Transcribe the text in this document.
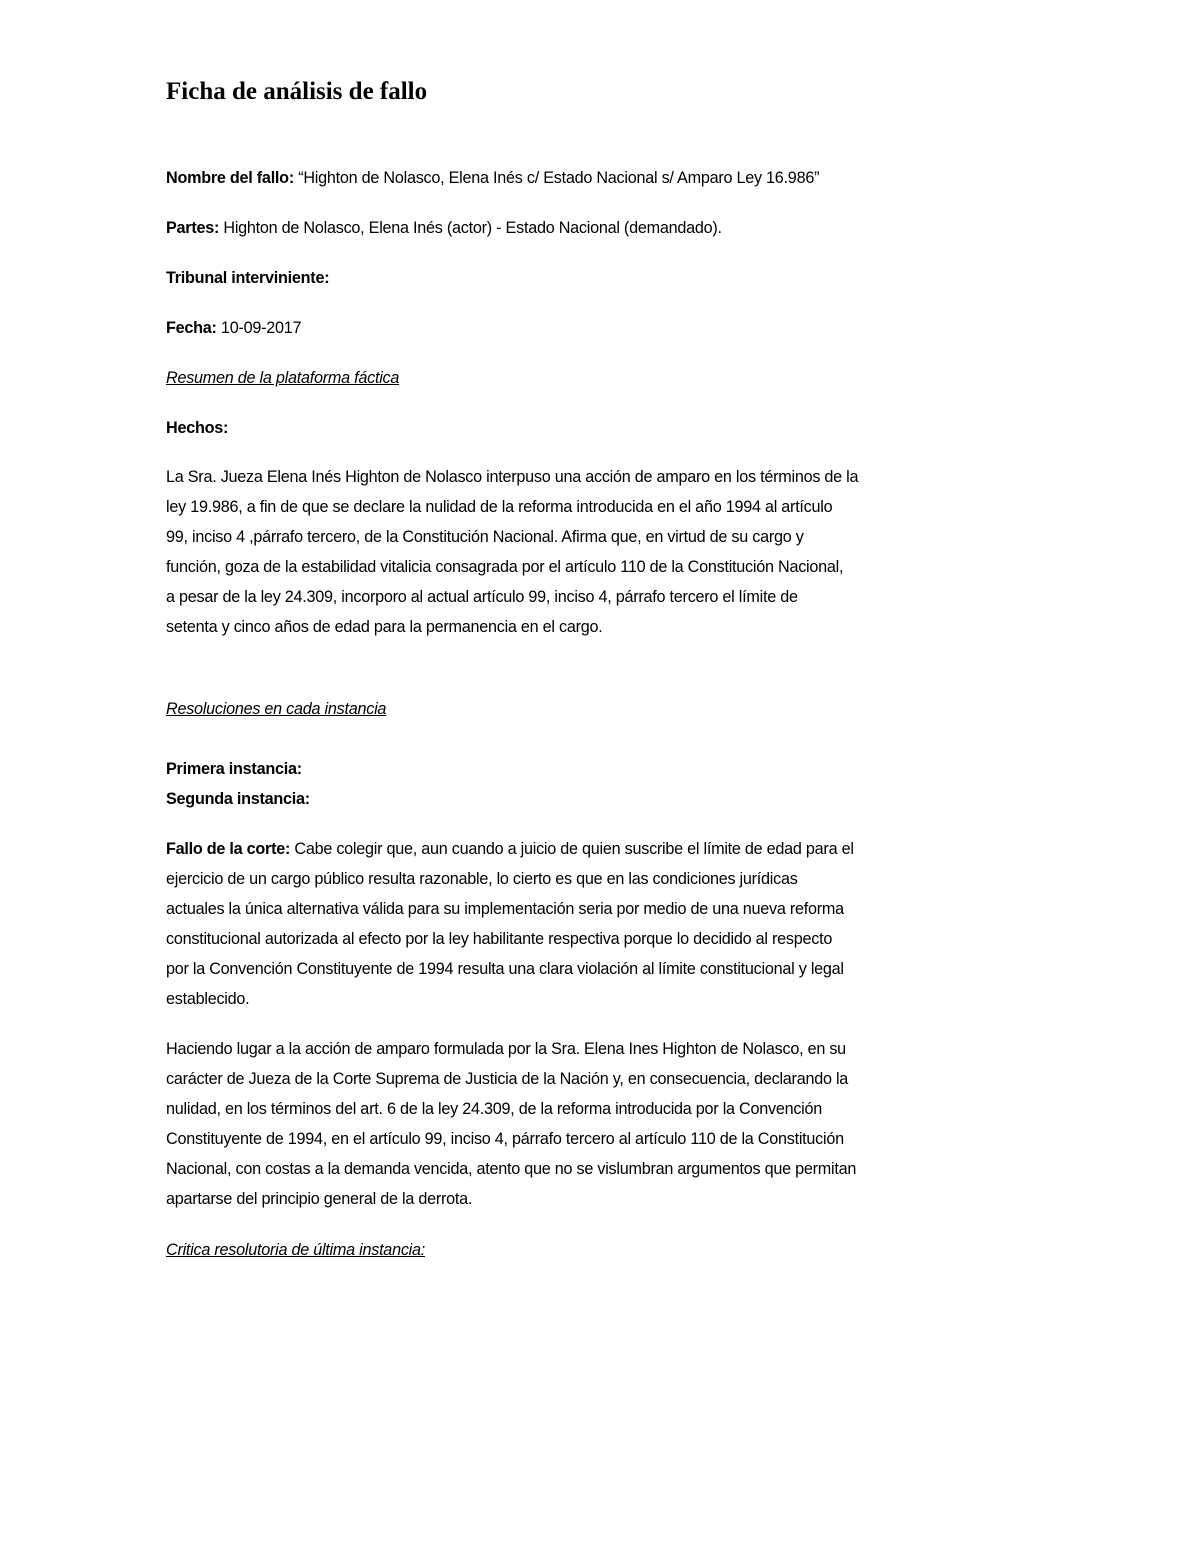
Ficha de análisis de fallo
Nombre del fallo: “Highton de Nolasco, Elena Inés c/ Estado Nacional s/ Amparo Ley 16.986”
Partes: Highton de Nolasco, Elena Inés (actor) - Estado Nacional (demandado).
Tribunal interviniente:
Fecha: 10-09-2017
Resumen de la plataforma fáctica
Hechos:
La Sra. Jueza Elena Inés Highton de Nolasco interpuso una acción de amparo en los términos de la
ley 19.986, a fin de que se declare la nulidad de la reforma introducida en el año 1994 al artículo
99, inciso 4 ,párrafo tercero, de la Constitución Nacional. Afirma que, en virtud de su cargo y
función, goza de la estabilidad vitalicia consagrada por el artículo 110 de la Constitución Nacional,
a pesar de la ley 24.309, incorporo al actual artículo 99, inciso 4, párrafo tercero el límite de
setenta y cinco años de edad para la permanencia en el cargo.
Resoluciones en cada instancia
Primera instancia:
Segunda instancia:
Fallo de la corte: Cabe colegir que, aun cuando a juicio de quien suscribe el límite de edad para el
ejercicio de un cargo público resulta razonable, lo cierto es que en las condiciones jurídicas
actuales la única alternativa válida para su implementación seria por medio de una nueva reforma
constitucional autorizada al efecto por la ley habilitante respectiva porque lo decidido al respecto
por la Convención Constituyente de 1994 resulta una clara violación al límite constitucional y legal
establecido.
Haciendo lugar a la acción de amparo formulada por la Sra. Elena Ines Highton de Nolasco, en su
carácter de Jueza de la Corte Suprema de Justicia de la Nación y, en consecuencia, declarando la
nulidad, en los términos del art. 6 de la ley 24.309, de la reforma introducida por la Convención
Constituyente de 1994, en el artículo 99, inciso 4, párrafo tercero al artículo 110 de la Constitución
Nacional, con costas a la demanda vencida, atento que no se vislumbran argumentos que permitan
apartarse del principio general de la derrota.
Critica resolutoria de última instancia:
